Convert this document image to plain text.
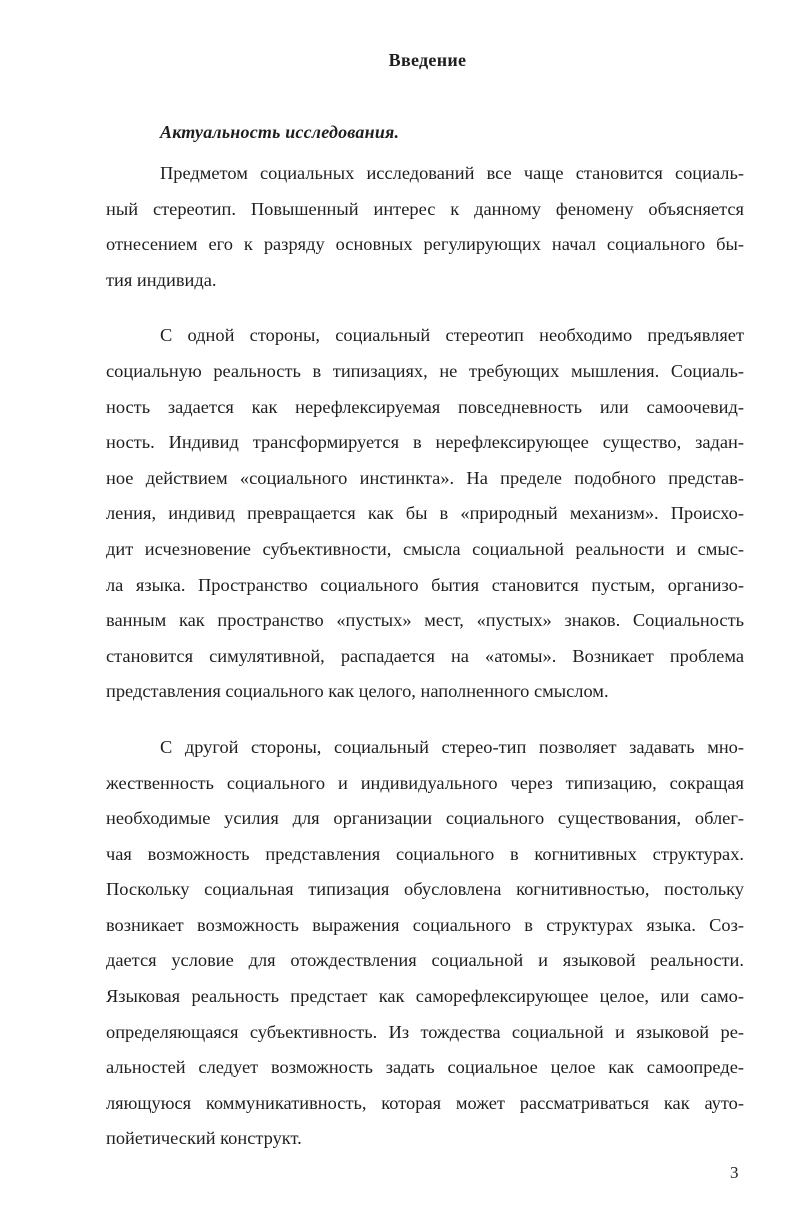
Введение
Актуальность исследования.

Предметом социальных исследований все чаще становится социаль-
ный стереотип. Повышенный интерес к данному феномену объясняется
отнесением его к разряду основных регулирующих начал социального бы-
тия индивида.

С одной стороны, социальный стереотип необходимо предъявляет
социальную реальность в типизациях, не требующих мышления. Социаль-
ность задается как нерефлексируемая повседневность или самоочевид-
ность. Индивид трансформируется в нерефлексирующее существо, задан-
ное действием «социального инстинкта». На пределе подобного представ-
ления, индивид превращается как бы в «природный механизм». Происхо-
дит исчезновение субъективности, смысла социальной реальности и смыс-
ла языка. Пространство социального бытия становится пустым, организо-
ванным как пространство «пустых» мест, «пустых» знаков. Социальность
становится симулятивной, распадается на «атомы». Возникает проблема
представления социального как целого, наполненного смыслом.

С другой стороны, социальный стерео-тип позволяет задавать мно-
жественность социального и индивидуального через типизацию, сокращая
необходимые усилия для организации социального существования, облег-
чая возможность представления социального в когнитивных структурах.
Поскольку социальная типизация обусловлена когнитивностью, постольку
возникает возможность выражения социального в структурах языка. Соз-
дается условие для отождествления социальной и языковой реальности.
Языковая реальность предстает как саморефлексирующее целое, или само-
определяющаяся субъективность. Из тождества социальной и языковой ре-
альностей следует возможность задать социальное целое как самоопреде-
ляющуюся коммуникативность, которая может рассматриваться как ауто-
пойетический конструкт.

3
